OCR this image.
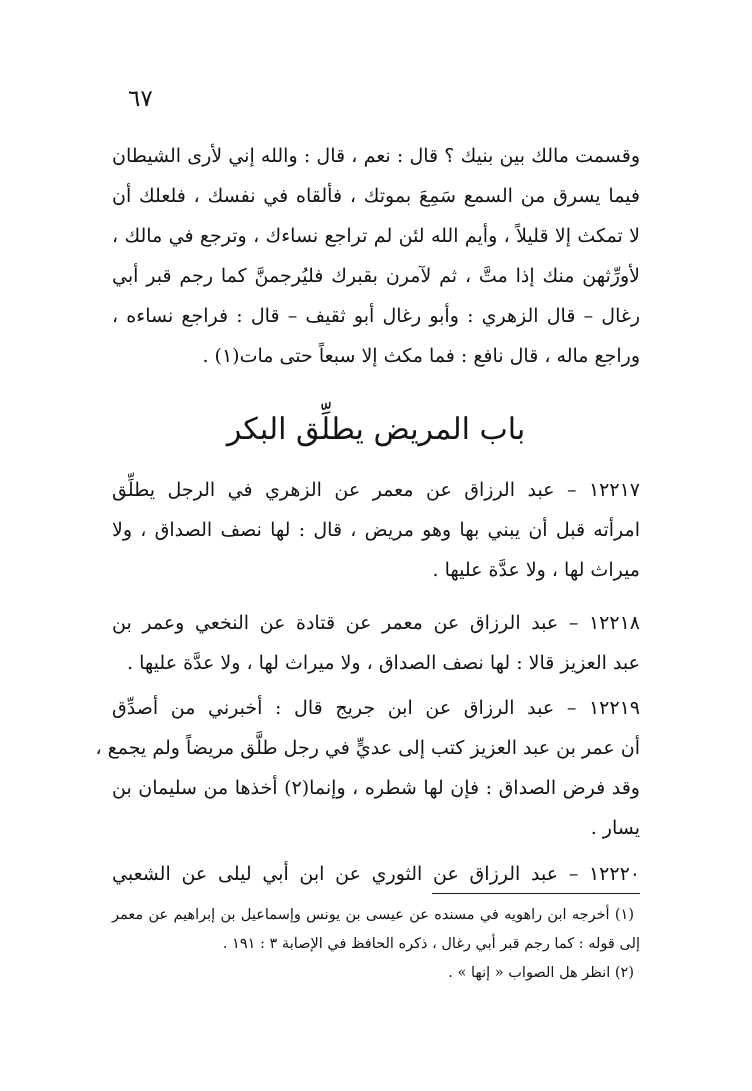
٦٧
وقسمت مالك بين بنيك ؟ قال : نعم ، قال : والله إني لأرى الشيطان
فيما يسرق من السمع سَمِعَ بموتك ، فألقاه في نفسك ، فلعلك أن
لا تمكث إلا قليلاً ، وأيم الله لئن لم تراجع نساءك ، وترجع في مالك ،
لأورِّثهن منك إذا متَّ ، ثم لآمرن بقبرك فليُرجمنَّ كما رجم قبر أبي
رغال – قال الزهري : وأبو رغال أبو ثقيف – قال : فراجع نساءه ،
وراجع ماله ، قال نافع : فما مكث إلا سبعاً حتى مات(١) .
باب المريض يطلِّق البكر
١٢٢١٧ – عبد الرزاق عن معمر عن الزهري في الرجل يطلِّق
امرأته قبل أن يبني بها وهو مريض ، قال : لها نصف الصداق ، ولا
ميراث لها ، ولا عدَّة عليها .
١٢٢١٨ – عبد الرزاق عن معمر عن قتادة عن النخعي وعمر بن
عبد العزيز قالا : لها نصف الصداق ، ولا ميراث لها ، ولا عدَّة عليها .
١٢٢١٩ – عبد الرزاق عن ابن جريج قال : أخبرني من أصدِّق
أن عمر بن عبد العزيز كتب إلى عديٍّ في رجل طلَّق مريضاً ولم يجمع ،
وقد فرض الصداق : فإن لها شطره ، وإنما(٢) أخذها من سليمان بن
يسار .
١٢٢٢٠ – عبد الرزاق عن الثوري عن ابن أبي ليلى عن الشعبي
(١) أخرجه ابن راهويه في مسنده عن عيسى بن يونس وإسماعيل بن إبراهيم عن معمر
إلى قوله : كما رجم قبر أبي رغال ، ذكره الحافظ في الإصابة ٣ : ١٩١ .
(٢) انظر هل الصواب « إنها » .
